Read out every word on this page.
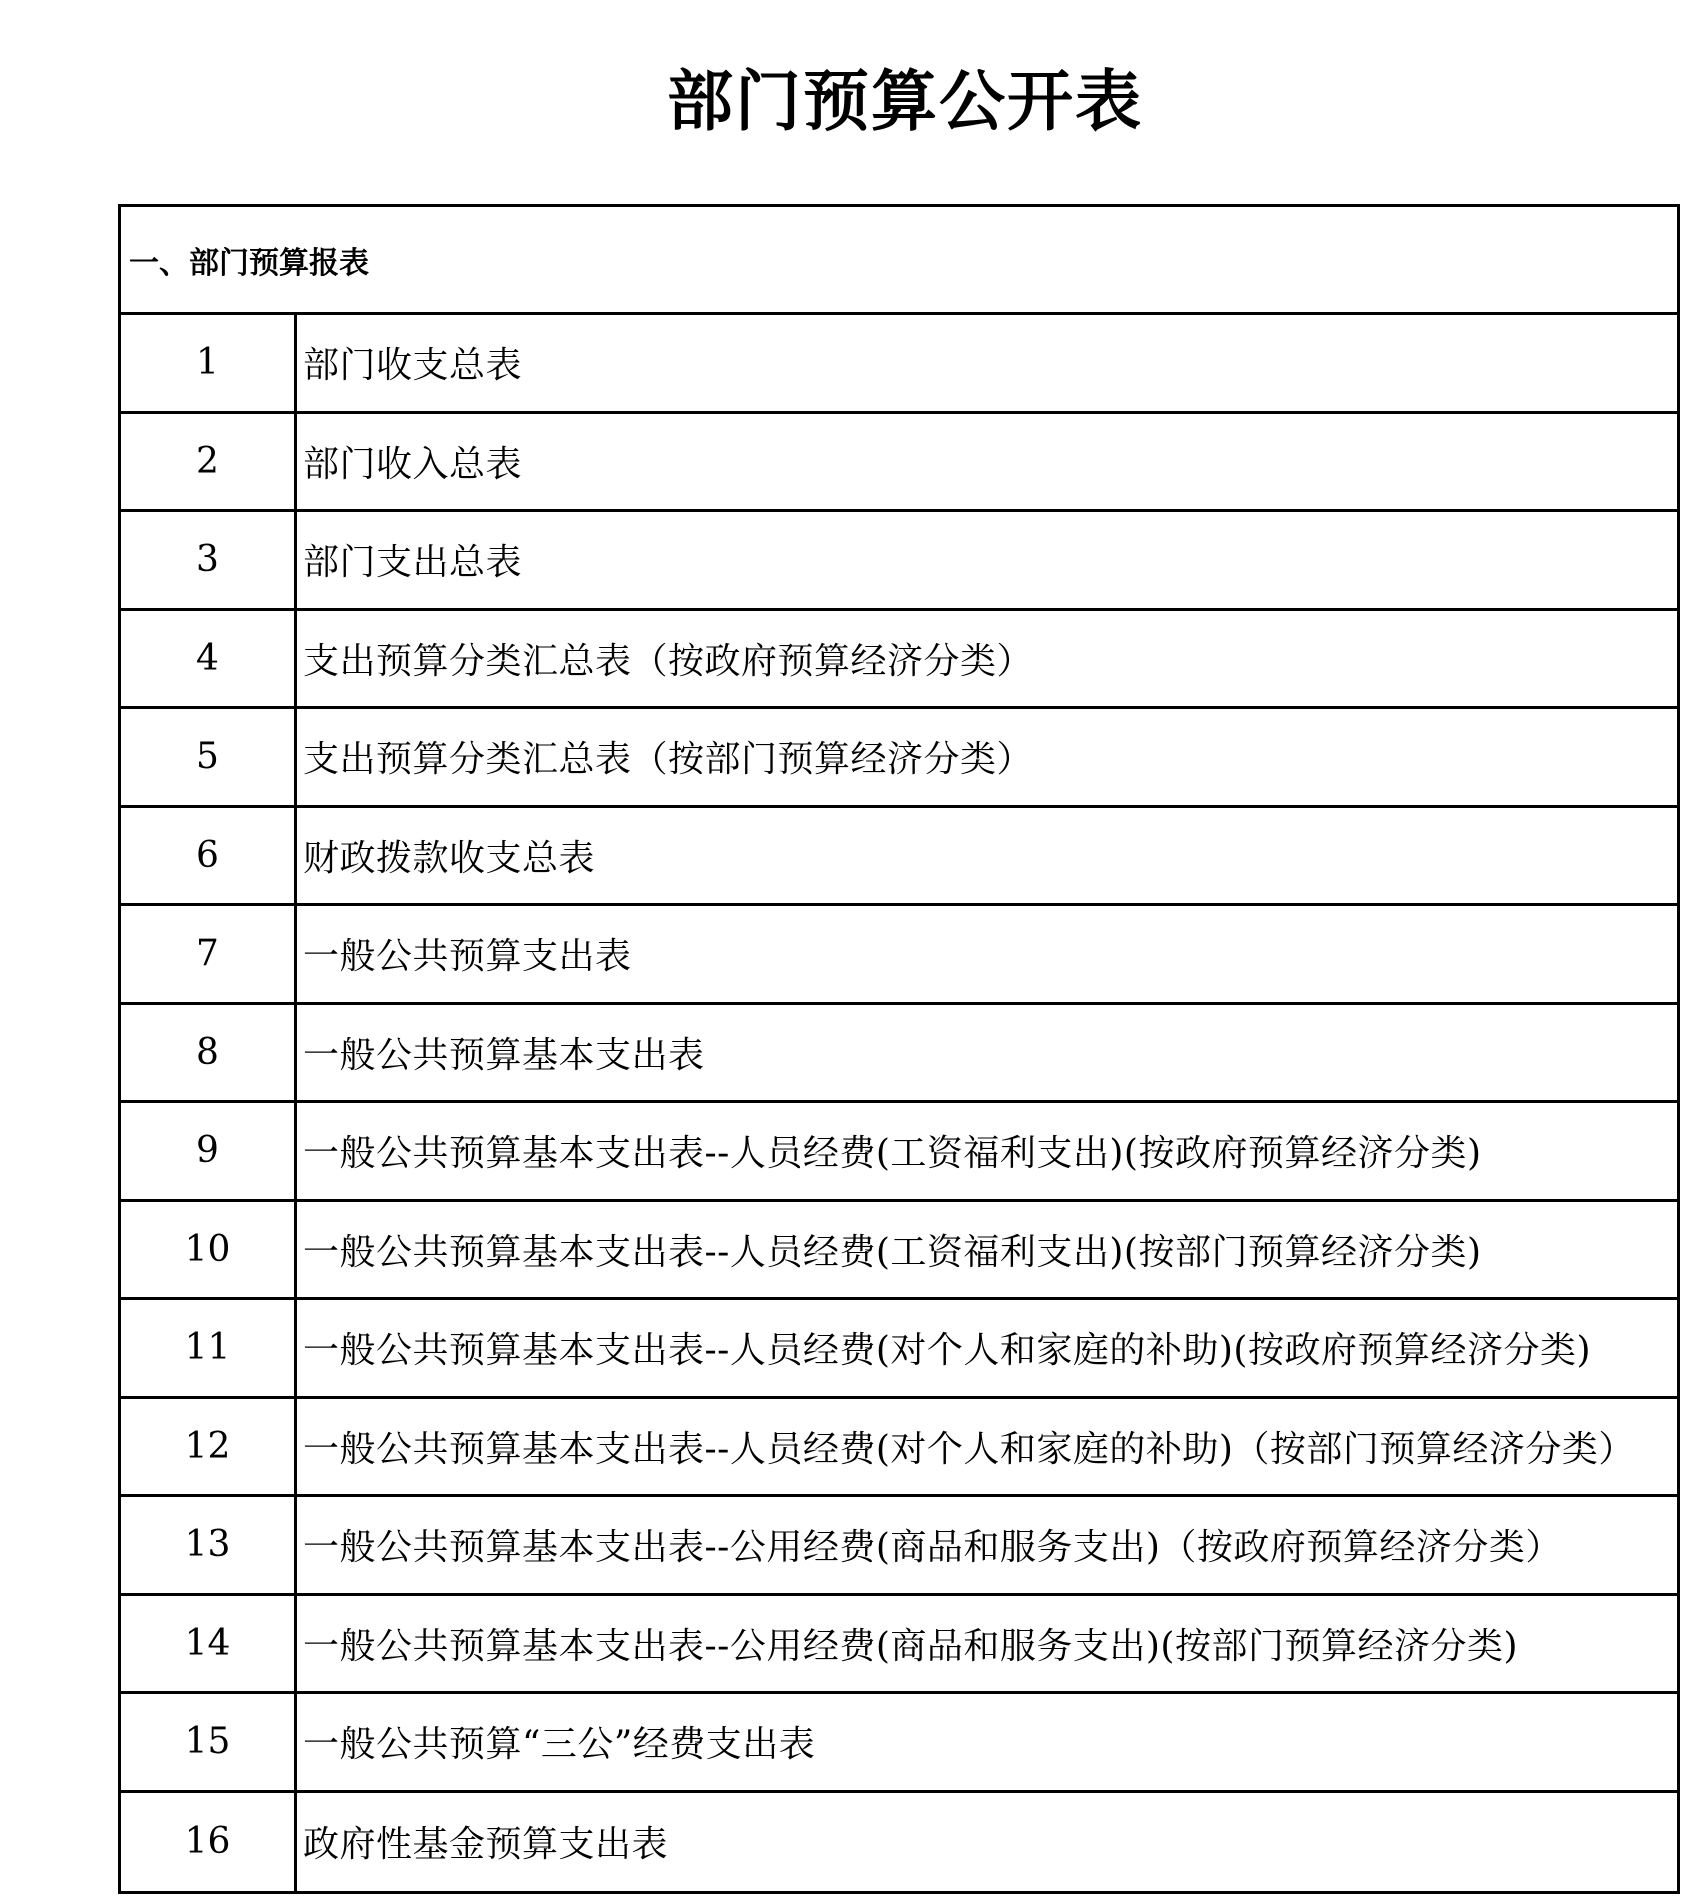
部门预算公开表
一、部门预算报表
1	部门收支总表
2	部门收入总表
3	部门支出总表
4	支出预算分类汇总表（按政府预算经济分类）
5	支出预算分类汇总表（按部门预算经济分类）
6	财政拨款收支总表
7	一般公共预算支出表
8	一般公共预算基本支出表
9	一般公共预算基本支出表--人员经费(工资福利支出)(按政府预算经济分类)
10	一般公共预算基本支出表--人员经费(工资福利支出)(按部门预算经济分类)
11	一般公共预算基本支出表--人员经费(对个人和家庭的补助)(按政府预算经济分类)
12	一般公共预算基本支出表--人员经费(对个人和家庭的补助)（按部门预算经济分类）
13	一般公共预算基本支出表--公用经费(商品和服务支出)（按政府预算经济分类）
14	一般公共预算基本支出表--公用经费(商品和服务支出)(按部门预算经济分类)
15	一般公共预算“三公”经费支出表
16	政府性基金预算支出表
